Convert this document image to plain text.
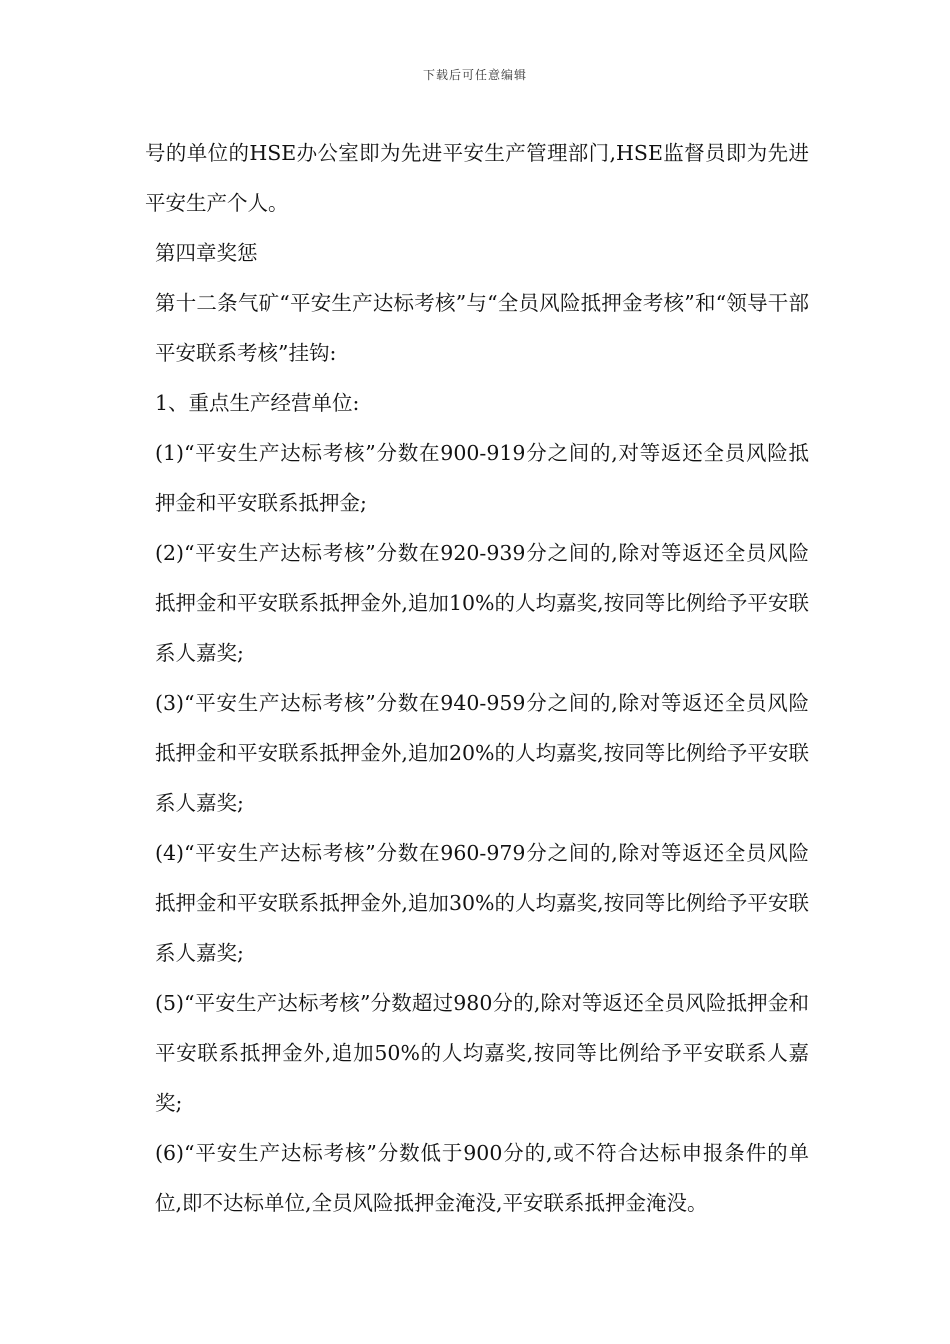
下载后可任意编辑

号的单位的HSE办公室即为先进平安生产管理部门,HSE监督员即为先进平安生产个人。

第四章奖惩

第十二条气矿“平安生产达标考核”与“全员风险抵押金考核”和“领导干部平安联系考核”挂钩:

1、重点生产经营单位:

(1)“平安生产达标考核”分数在900-919分之间的,对等返还全员风险抵押金和平安联系抵押金;

(2)“平安生产达标考核”分数在920-939分之间的,除对等返还全员风险抵押金和平安联系抵押金外,追加10%的人均嘉奖,按同等比例给予平安联系人嘉奖;

(3)“平安生产达标考核”分数在940-959分之间的,除对等返还全员风险抵押金和平安联系抵押金外,追加20%的人均嘉奖,按同等比例给予平安联系人嘉奖;

(4)“平安生产达标考核”分数在960-979分之间的,除对等返还全员风险抵押金和平安联系抵押金外,追加30%的人均嘉奖,按同等比例给予平安联系人嘉奖;

(5)“平安生产达标考核”分数超过980分的,除对等返还全员风险抵押金和平安联系抵押金外,追加50%的人均嘉奖,按同等比例给予平安联系人嘉奖;

(6)“平安生产达标考核”分数低于900分的,或不符合达标申报条件的单位,即不达标单位,全员风险抵押金淹没,平安联系抵押金淹没。
